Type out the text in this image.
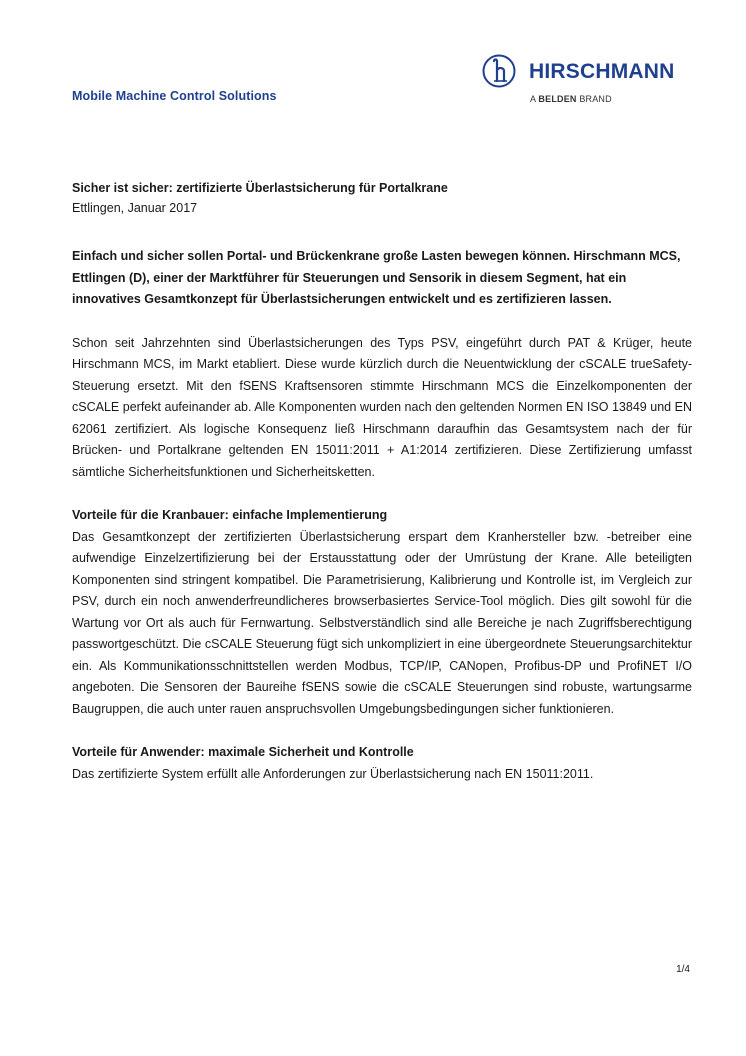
Mobile Machine Control Solutions
HIRSCHMANN
A BELDEN BRAND

Sicher ist sicher: zertifizierte Überlastsicherung für Portalkrane

Ettlingen, Januar 2017

Einfach und sicher sollen Portal- und Brückenkrane große Lasten bewegen können. Hirschmann MCS, Ettlingen (D), einer der Marktführer für Steuerungen und Sensorik in diesem Segment, hat ein innovatives Gesamtkonzept für Überlastsicherungen entwickelt und es zertifizieren lassen.

Schon seit Jahrzehnten sind Überlastsicherungen des Typs PSV, eingeführt durch PAT & Krüger, heute Hirschmann MCS, im Markt etabliert. Diese wurde kürzlich durch die Neuentwicklung der cSCALE trueSafety-Steuerung ersetzt. Mit den fSENS Kraftsensoren stimmte Hirschmann MCS die Einzelkomponenten der cSCALE perfekt aufeinander ab. Alle Komponenten wurden nach den geltenden Normen EN ISO 13849 und EN 62061 zertifiziert. Als logische Konsequenz ließ Hirschmann daraufhin das Gesamtsystem nach der für Brücken- und Portalkrane geltenden EN 15011:2011 + A1:2014 zertifizieren. Diese Zertifizierung umfasst sämtliche Sicherheitsfunktionen und Sicherheitsketten.

Vorteile für die Kranbauer: einfache Implementierung

Das Gesamtkonzept der zertifizierten Überlastsicherung erspart dem Kranhersteller bzw. -betreiber eine aufwendige Einzelzertifizierung bei der Erstausstattung oder der Umrüstung der Krane. Alle beteiligten Komponenten sind stringent kompatibel. Die Parametrisierung, Kalibrierung und Kontrolle ist, im Vergleich zur PSV, durch ein noch anwenderfreundlicheres browserbasiertes Service-Tool möglich. Dies gilt sowohl für die Wartung vor Ort als auch für Fernwartung. Selbstverständlich sind alle Bereiche je nach Zugriffsberechtigung passwortgeschützt. Die cSCALE Steuerung fügt sich unkompliziert in eine übergeordnete Steuerungsarchitektur ein. Als Kommunikationsschnittstellen werden Modbus, TCP/IP, CANopen, Profibus-DP und ProfiNET I/O angeboten. Die Sensoren der Baureihe fSENS sowie die cSCALE Steuerungen sind robuste, wartungsarme Baugruppen, die auch unter rauen anspruchsvollen Umgebungsbedingungen sicher funktionieren.

Vorteile für Anwender: maximale Sicherheit und Kontrolle

Das zertifizierte System erfüllt alle Anforderungen zur Überlastsicherung nach EN 15011:2011.

1/4
